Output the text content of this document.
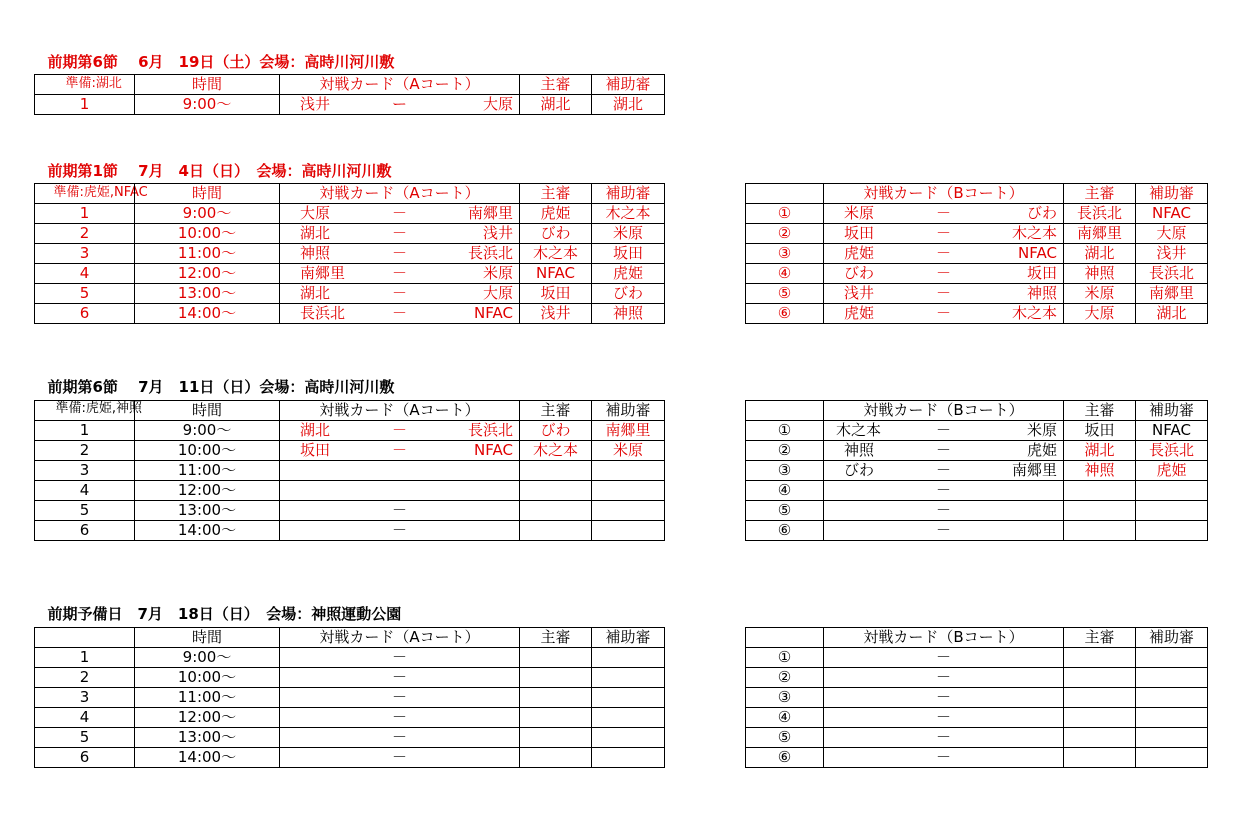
前期第6節　 6月　19日（土）会場：高時川河川敷
準備:湖北

		時間	対戦カード（Aコート）	主審	補助審
1	9:00～	浅井 ー 大原	湖北	湖北

前期第1節　 7月　4日（日）　会場：高時川河川敷
準備:虎姫,NFAC

		時間	対戦カード（Aコート）	主審	補助審
1	9:00～	大原 － 南郷里	虎姫	木之本
2	10:00～	湖北 － 浅井	びわ	米原
3	11:00～	神照 － 長浜北	木之本	坂田
4	12:00～	南郷里 － 米原	NFAC	虎姫
5	13:00～	湖北 － 大原	坂田	びわ
6	14:00～	長浜北 － NFAC	浅井	神照
	対戦カード（Bコート）	主審	補助審
①	米原 － びわ	長浜北	NFAC
②	坂田 － 木之本	南郷里	大原
③	虎姫 － NFAC	湖北	浅井
④	びわ － 坂田	神照	長浜北
⑤	浅井 － 神照	米原	南郷里
⑥	虎姫 － 木之本	大原	湖北

前期第6節　 7月　11日（日）会場：高時川河川敷
準備:虎姫,神照

		時間	対戦カード（Aコート）	主審	補助審
1	9:00～	湖北 － 長浜北	びわ	南郷里
2	10:00～	坂田 － NFAC	木之本	米原
3	11:00～	

4	12:00～	

5	13:00～	－		

6	14:00～	－		

	対戦カード（Bコート）	主審	補助審
①	木之本 － 米原	坂田	NFAC
②	神照 － 虎姫	湖北	長浜北
③	びわ － 南郷里	神照	虎姫
④	－		

⑤	－		

⑥	－		

前期予備日　7月　18日（日）　会場：神照運動公園

	時間	対戦カード（Aコート）	主審	補助審
1	9:00～	－		

2	10:00～	－		

3	11:00～	－		

4	12:00～	－		

5	13:00～	－		

6	14:00～	－		

	対戦カード（Bコート）	主審	補助審
①	－		

②	－		

③	－		

④	－		

⑤	－		

⑥	－		
